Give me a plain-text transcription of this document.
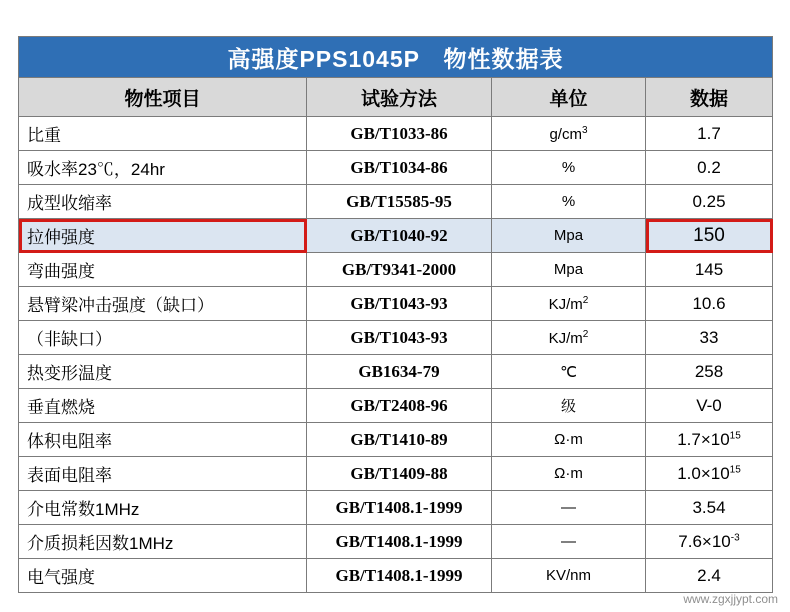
高强度PPS1045P　物性数据表			
物性项目	试验方法	单位	数据
比重	GB/T1033-86	$g/cm^3$	1.7
吸水率23℃，24hr	GB/T1034-86	%	0.2
成型收缩率	GB/T15585-95	%	0.25
拉伸强度	GB/T1040-92	Mpa	150
弯曲强度	GB/T9341-2000	Mpa	145
悬臂梁冲击强度（缺口）	GB/T1043-93	$KJ/m^2$	10.6
（非缺口）	GB/T1043-93	$KJ/m^2$	33
热变形温度	GB1634-79	℃	258
垂直燃烧	GB/T2408-96	级	V-0
体积电阻率	GB/T1410-89	Ω·m	$1.7\times 10^{15}$
表面电阻率	GB/T1409-88	Ω·m	$1.0\times 10^{15}$
介电常数1MHz	GB/T1408.1-1999	—	3.54
介质损耗因数1MHz	GB/T1408.1-1999	—	$7.6\times 10^{-3}$
电气强度	GB/T1408.1-1999	KV/nm	2.4
www.zgxjjypt.com
